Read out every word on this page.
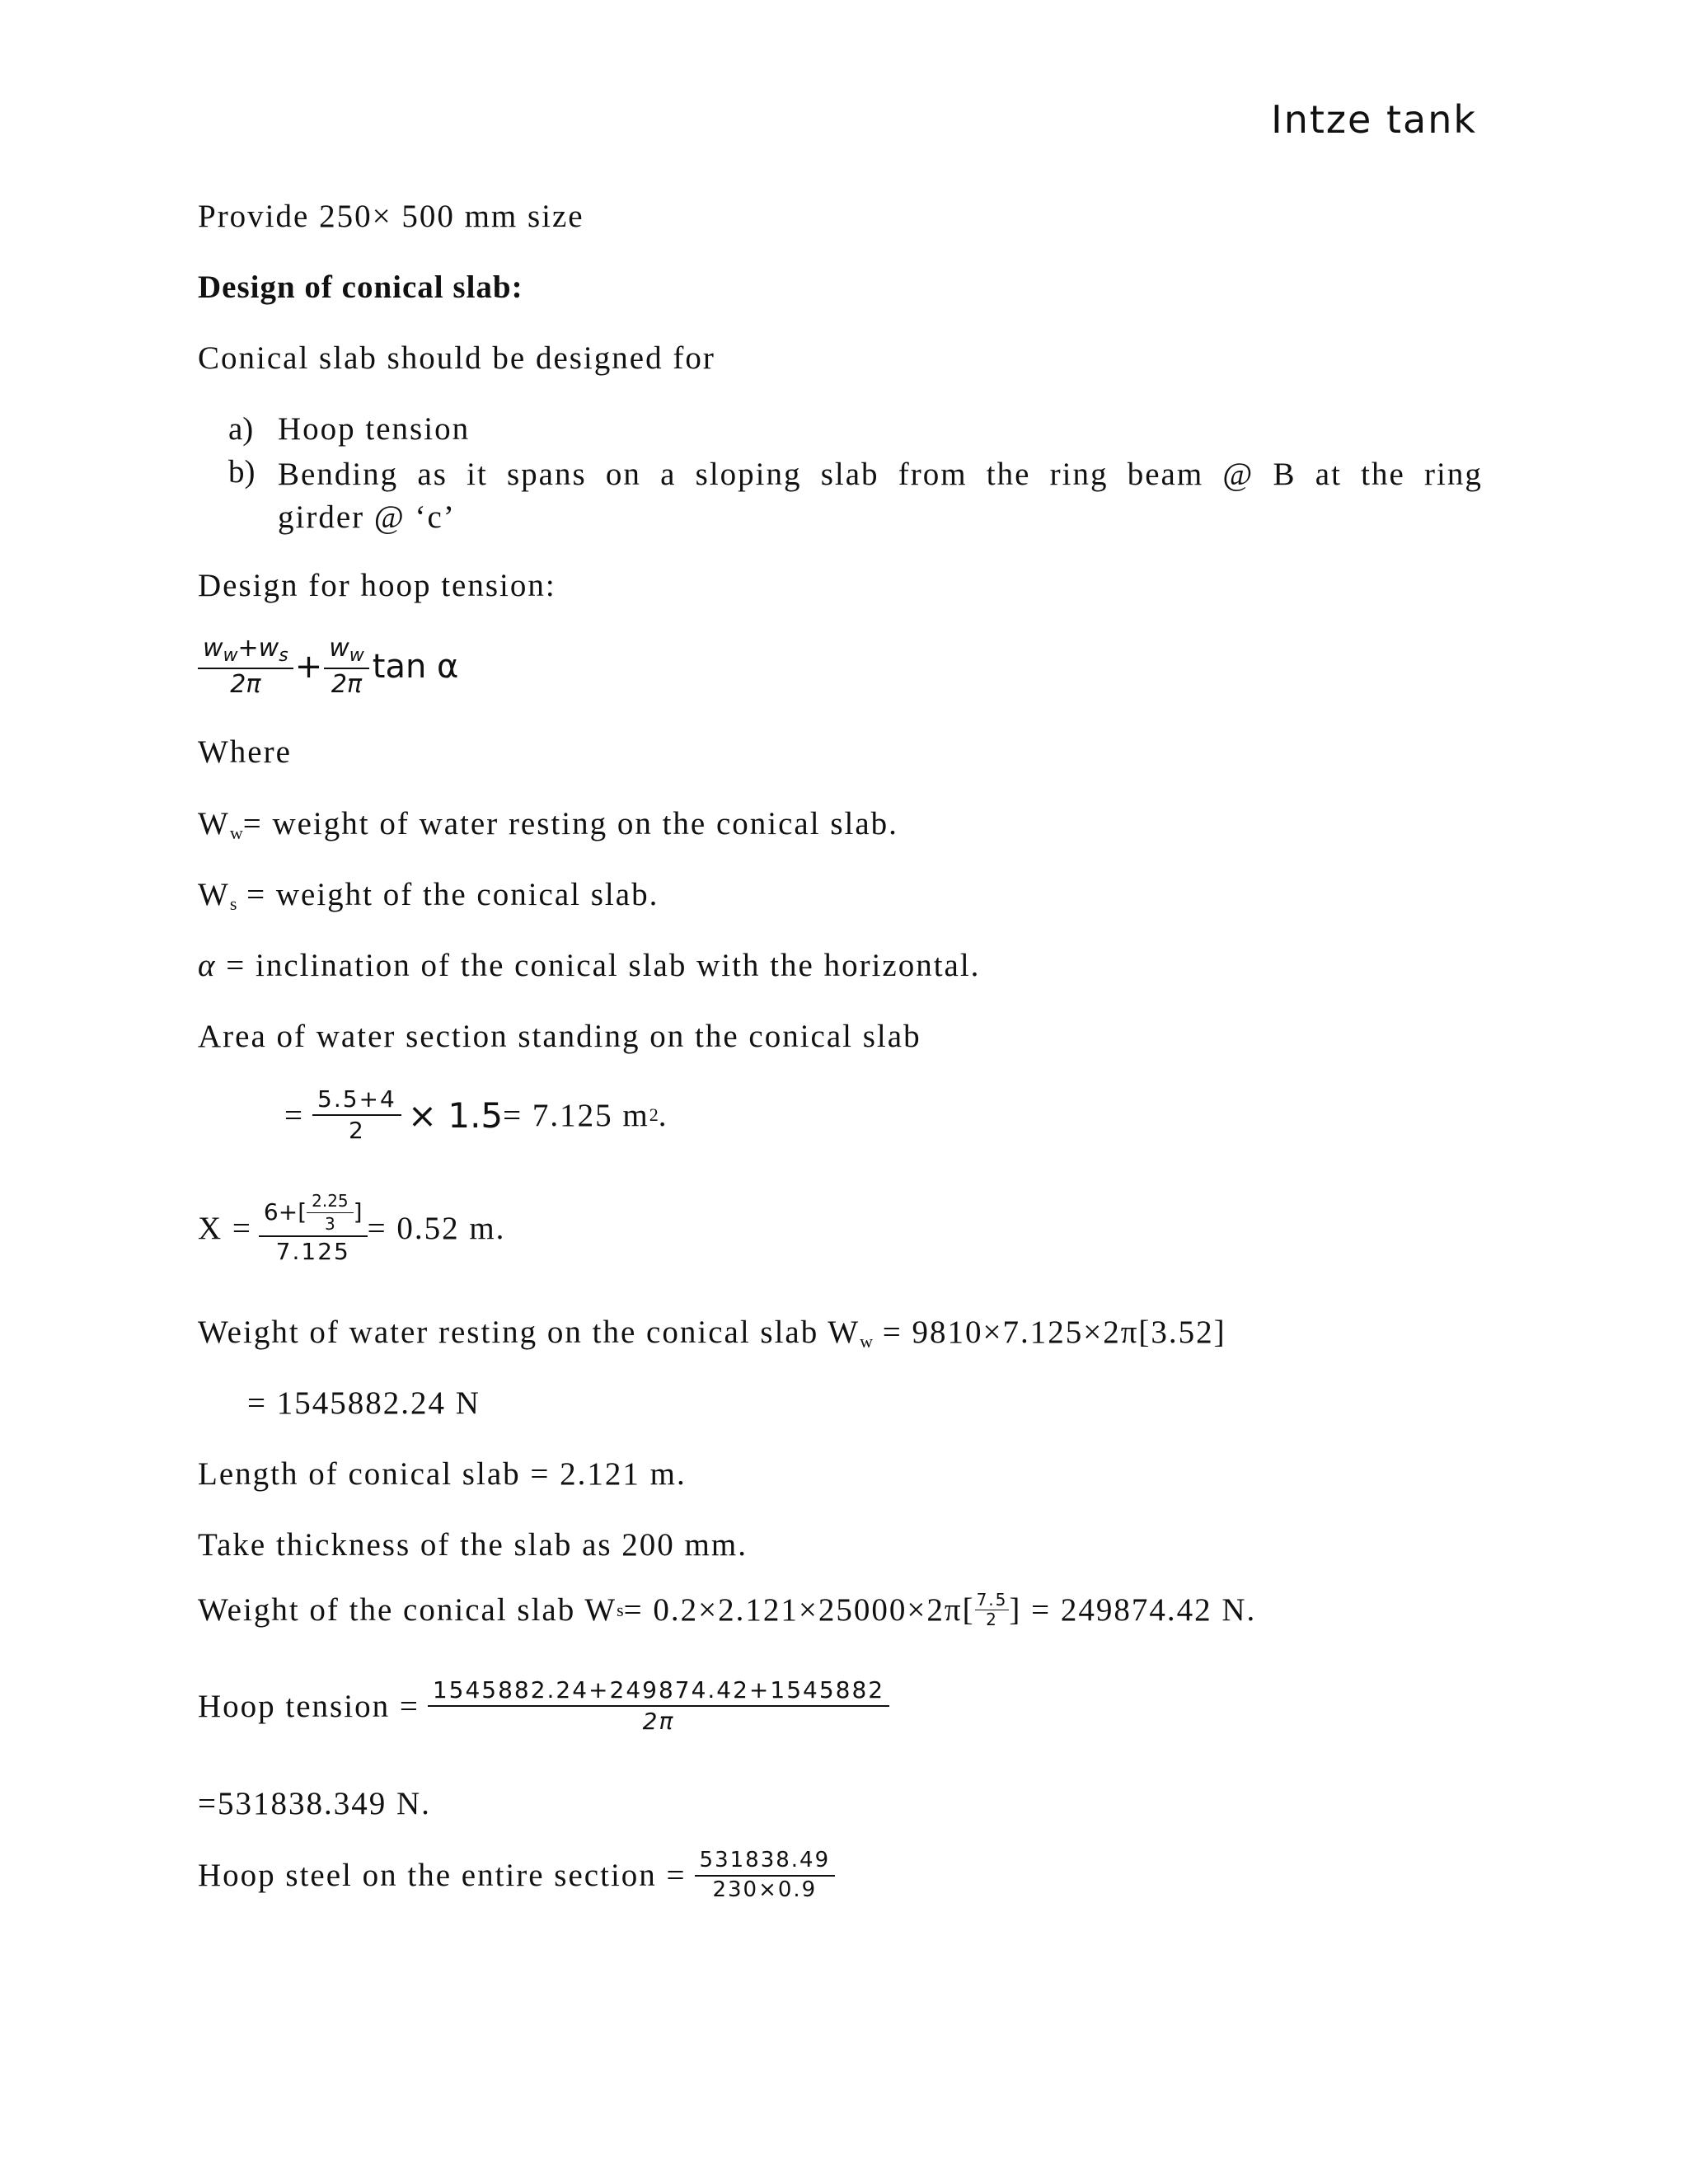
Intze tank
Provide 250× 500 mm size
Design of conical slab:
Conical slab should be designed for
a) Hoop tension
b) Bending as it spans on a sloping slab from the ring beam @ B at the ring
girder @ ‘c’
Design for hoop tension:
$\frac{w_w+w_s}{2\pi} + \frac{w_w}{2\pi}$ tan α
Where
$W_w=$ weight of water resting on the conical slab.
$W_s$ = weight of the conical slab.
α = inclination of the conical slab with the horizontal.
Area of water section standing on the conical slab
= $\frac{5.5+4}{2} \times 1.5 = 7.125$ m 2 .
$X = \frac{6+[ \frac{2.25}{3} ]}{7.125} = 0.52$ m.
Weight of water resting on the conical slab $W_w = 9810\times 7.125\times 2\pi[3.52]$
= 1545882.24 N
Length of conical slab = 2.121 m.
Take thickness of the slab as 200 mm.
Weight of the conical slab W $s = 0.2\times 2.121\times 25000\times 2\pi[ \frac{7.5}{2}$ ] = 249874.42 N.
Hoop tension = $\frac{1545882.24+249874.42+1545882}{2\pi}$
=531838.349 N.
Hoop steel on the entire section = $\frac{531838.49}{230\times 0.9}$
